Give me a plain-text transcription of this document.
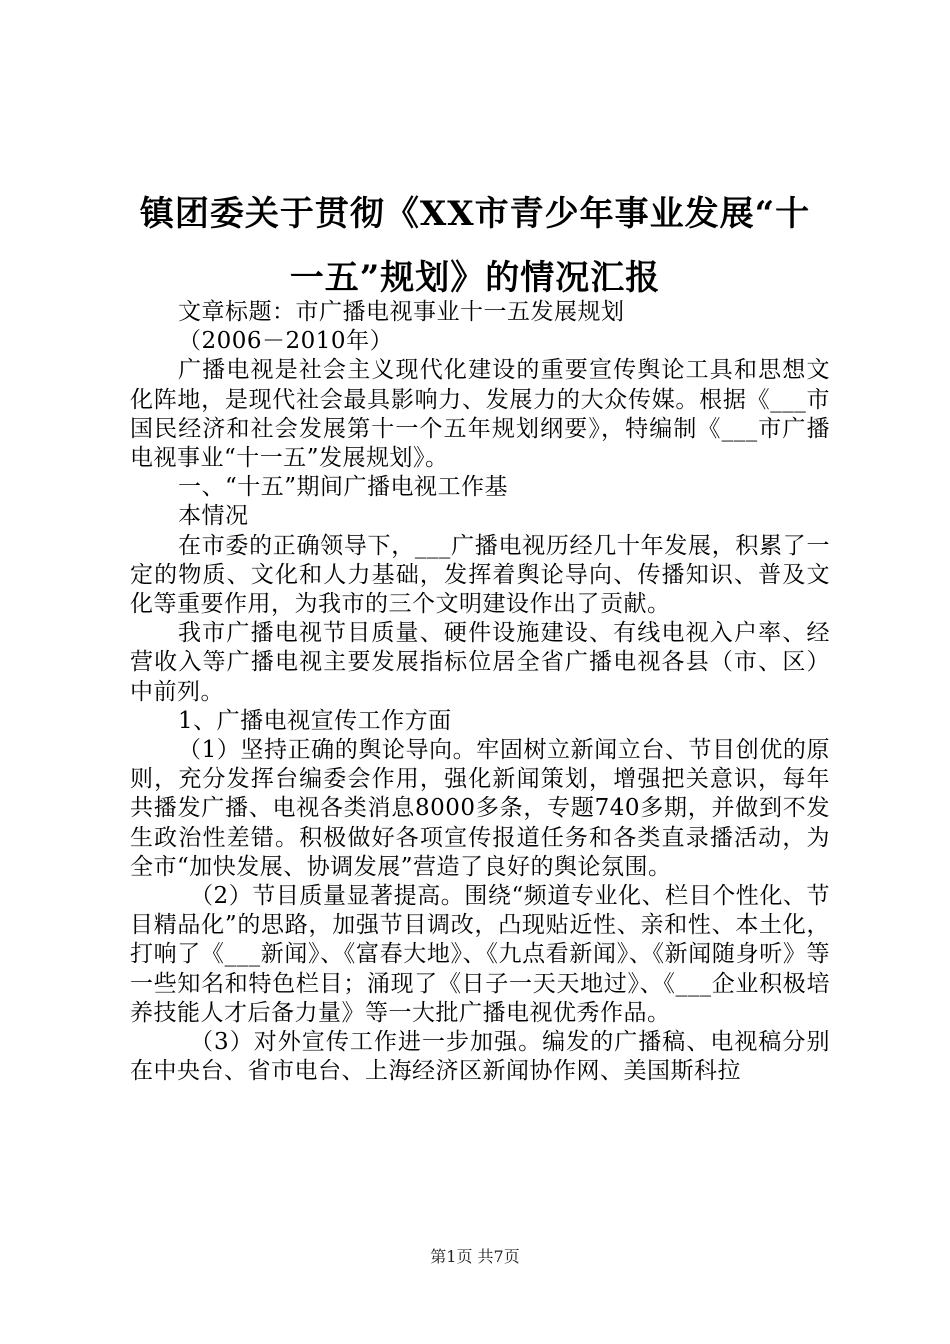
镇团委关于贯彻《XX市青少年事业发展“十
一五”规划》的情况汇报

文章标题：市广播电视事业十一五发展规划

（2006－2010年）

广播电视是社会主义现代化建设的重要宣传舆论工具和思想文化阵地，是现代社会最具影响力、发展力的大众传媒。根据《___市国民经济和社会发展第十一个五年规划纲要》，特编制《___市广播电视事业“十一五”发展规划》。

一、“十五”期间广播电视工作基

本情况

在市委的正确领导下，___广播电视历经几十年发展，积累了一定的物质、文化和人力基础，发挥着舆论导向、传播知识、普及文化等重要作用，为我市的三个文明建设作出了贡献。

我市广播电视节目质量、硬件设施建设、有线电视入户率、经营收入等广播电视主要发展指标位居全省广播电视各县（市、区）中前列。

1、广播电视宣传工作方面

（1）坚持正确的舆论导向。牢固树立新闻立台、节目创优的原则，充分发挥台编委会作用，强化新闻策划，增强把关意识，每年共播发广播、电视各类消息8000多条，专题740多期，并做到不发生政治性差错。积极做好各项宣传报道任务和各类直录播活动，为全市“加快发展、协调发展”营造了良好的舆论氛围。

（2）节目质量显著提高。围绕“频道专业化、栏目个性化、节目精品化”的思路，加强节目调改，凸现贴近性、亲和性、本土化，打响了《___新闻》、《富春大地》、《九点看新闻》、《新闻随身听》等一些知名和特色栏目；涌现了《日子一天天地过》、《___企业积极培养技能人才后备力量》等一大批广播电视优秀作品。

（3）对外宣传工作进一步加强。编发的广播稿、电视稿分别在中央台、省市电台、上海经济区新闻协作网、美国斯科拉

第1页 共7页
